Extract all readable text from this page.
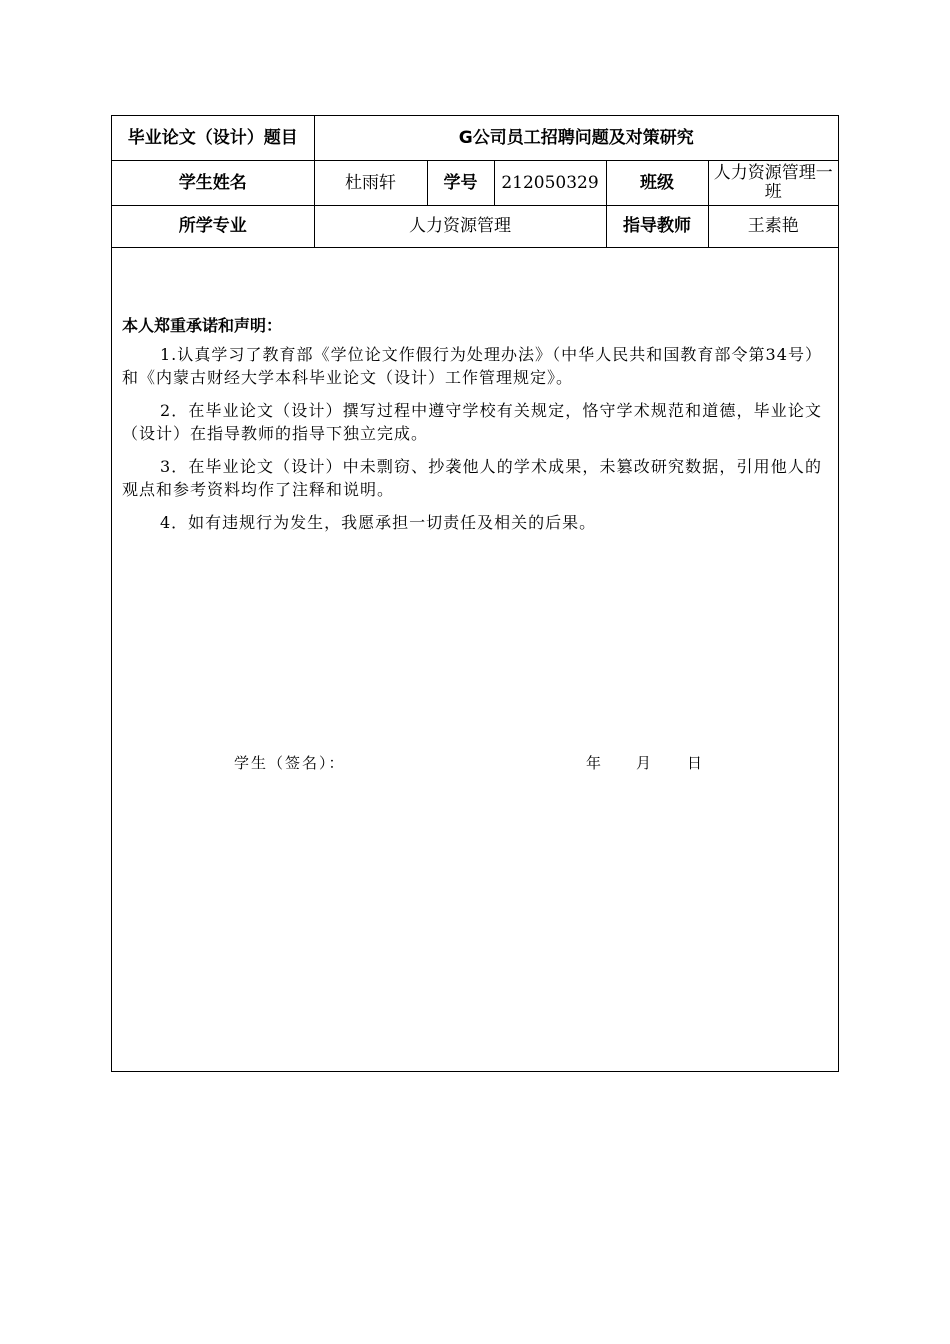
毕业论文（设计）题目	G公司员工招聘问题及对策研究				
学生姓名	杜雨轩	学号	212050329	班级	人力资源管理一班
所学专业	人力资源管理			指导教师	王素艳
本人郑重承诺和声明：

1.认真学习了教育部《学位论文作假行为处理办法》（中华人民共和国教育部令第34号）和《内蒙古财经大学本科毕业论文（设计）工作管理规定》。

2．在毕业论文（设计）撰写过程中遵守学校有关规定，恪守学术规范和道德，毕业论文（设计）在指导教师的指导下独立完成。

3．在毕业论文（设计）中未剽窃、抄袭他人的学术成果，未篡改研究数据，引用他人的观点和参考资料均作了注释和说明。

4．如有违规行为发生，我愿承担一切责任及相关的后果。

学生（签名）：	年 月 日
